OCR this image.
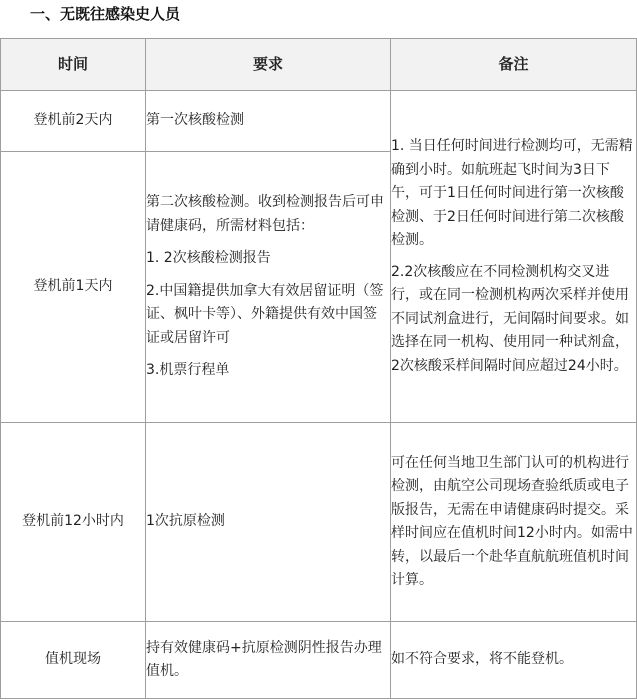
一、无既往感染史人员
时间	要求	备注
登机前2天内	第一次核酸检测	1. 当日任何时间进行检测均可，无需精确到小时。如航班起飞时间为3日下午，可于1日任何时间进行第一次核酸检测、于2日任何时间进行第二次核酸检测。

2.2次核酸应在不同检测机构交叉进行，或在同一检测机构两次采样并使用不同试剂盒进行，无间隔时间要求。如选择在同一机构、使用同一种试剂盒，2次核酸采样间隔时间应超过24小时。

登机前1天内	第二次核酸检测。收到检测报告后可申请健康码，所需材料包括：

1. 2次核酸检测报告

2.中国籍提供加拿大有效居留证明（签证、枫叶卡等）、外籍提供有效中国签证或居留许可

3.机票行程单	

登机前12小时内	1次抗原检测	可在任何当地卫生部门认可的机构进行检测，由航空公司现场查验纸质或电子版报告，无需在申请健康码时提交。采样时间应在值机时间12小时内。如需中转，以最后一个赴华直航航班值机时间计算。

值机现场	持有效健康码+抗原检测阴性报告办理值机。	如不符合要求，将不能登机。
